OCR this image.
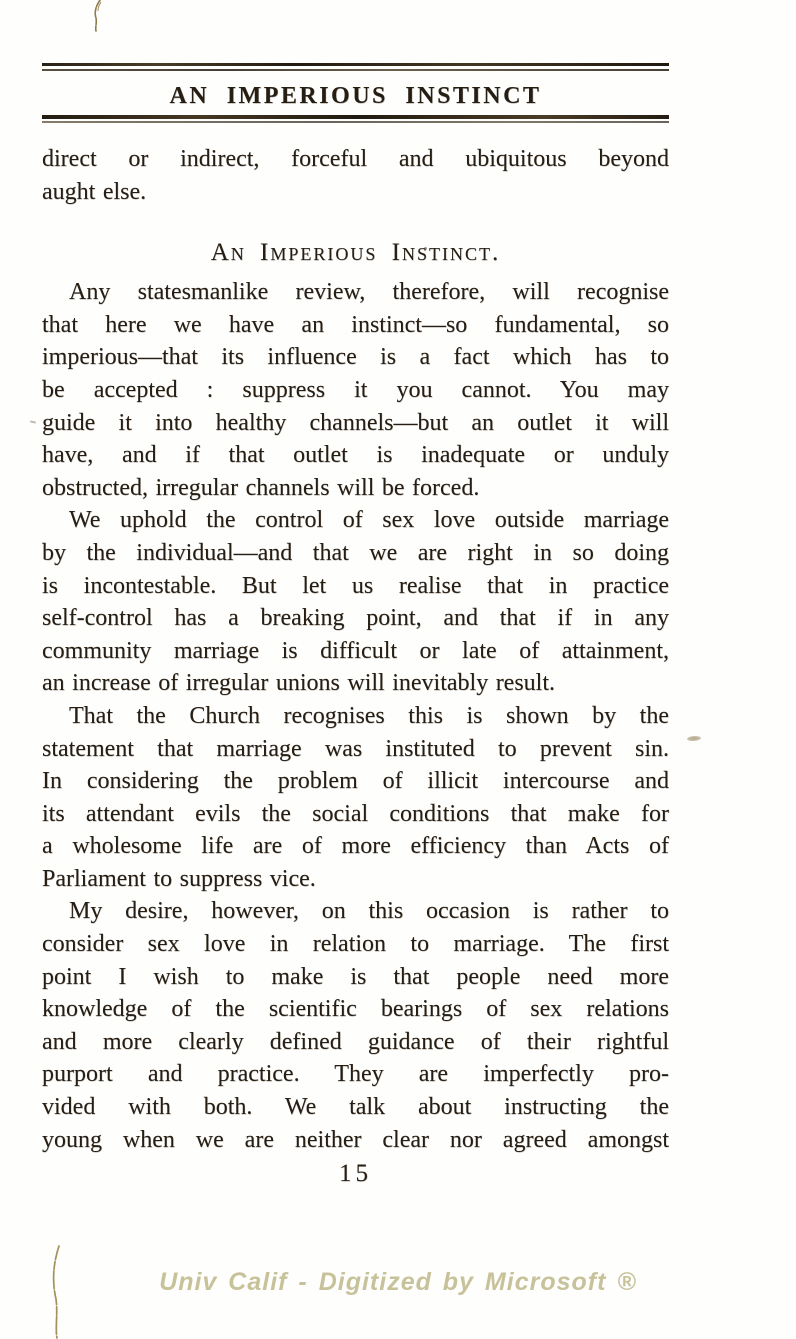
AN IMPERIOUS INSTINCT

direct or indirect, forceful and ubiquitous beyond
aught else.

An Imperious Instinct.

Any statesmanlike review, therefore, will recognise
that here we have an instinct—so fundamental, so
imperious—that its influence is a fact which has to
be accepted : suppress it you cannot. You may
guide it into healthy channels—but an outlet it will
have, and if that outlet is inadequate or unduly
obstructed, irregular channels will be forced.

We uphold the control of sex love outside marriage
by the individual—and that we are right in so doing
is incontestable. But let us realise that in practice
self-control has a breaking point, and that if in any
community marriage is difficult or late of attainment,
an increase of irregular unions will inevitably result.

That the Church recognises this is shown by the
statement that marriage was instituted to prevent sin.
In considering the problem of illicit intercourse and
its attendant evils the social conditions that make for
a wholesome life are of more efficiency than Acts of
Parliament to suppress vice.

My desire, however, on this occasion is rather to
consider sex love in relation to marriage. The first
point I wish to make is that people need more
knowledge of the scientific bearings of sex relations
and more clearly defined guidance of their rightful
purport and practice. They are imperfectly pro-
vided with both. We talk about instructing the
young when we are neither clear nor agreed amongst

15
Univ Calif - Digitized by Microsoft ®
